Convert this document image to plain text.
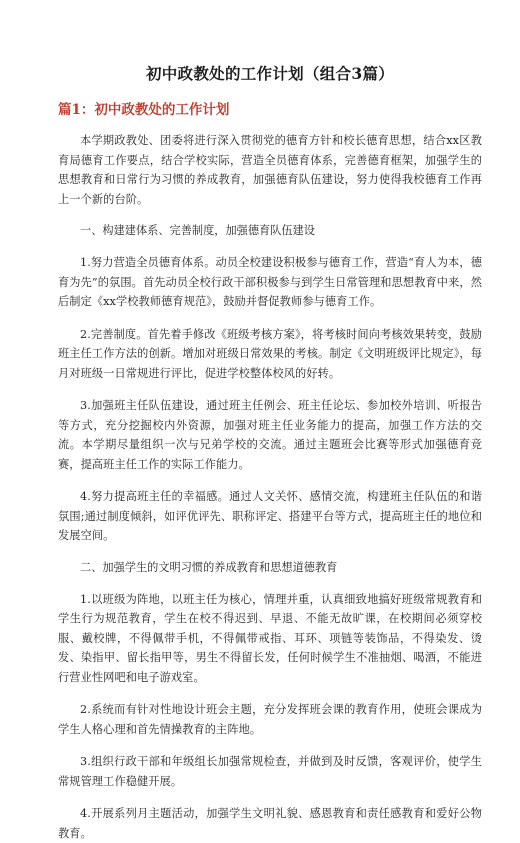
初中政教处的工作计划（组合3篇）
篇1：初中政教处的工作计划

本学期政教处、团委将进行深入贯彻党的德育方针和校长德育思想，结合xx区教育局德育工作要点，结合学校实际，营造全员德育体系，完善德育框架，加强学生的思想教育和日常行为习惯的养成教育，加强德育队伍建设，努力使得我校德育工作再上一个新的台阶。

一、构建建体系、完善制度，加强德育队伍建设

1.努力营造全员德育体系。动员全校建设积极参与德育工作，营造“育人为本，德育为先”的氛围。首先动员全校行政干部积极参与到学生日常管理和思想教育中来，然后制定《xx学校教师德育规范》，鼓励并督促教师参与德育工作。

2.完善制度。首先着手修改《班级考核方案》，将考核时间向考核效果转变，鼓励班主任工作方法的创新。增加对班级日常效果的考核。制定《文明班级评比规定》，每月对班级一日常规进行评比，促进学校整体校风的好转。

3.加强班主任队伍建设，通过班主任例会、班主任论坛、参加校外培训、听报告等方式，充分挖掘校内外资源，加强对班主任业务能力的提高，加强工作方法的交流。本学期尽量组织一次与兄弟学校的交流。通过主题班会比赛等形式加强德育竞赛，提高班主任工作的实际工作能力。

4.努力提高班主任的幸福感。通过人文关怀、感情交流，构建班主任队伍的和谐氛围;通过制度倾斜，如评优评先、职称评定、搭建平台等方式，提高班主任的地位和发展空间。

二、加强学生的文明习惯的养成教育和思想道德教育

1.以班级为阵地，以班主任为核心，情理并重，认真细致地搞好班级常规教育和学生行为规范教育，学生在校不得迟到、早退、不能无故旷课，在校期间必须穿校服、戴校牌，不得佩带手机，不得佩带戒指、耳环、项链等装饰品，不得染发、烫发、染指甲、留长指甲等，男生不得留长发，任何时候学生不准抽烟、喝酒，不能进行营业性网吧和电子游戏室。

2.系统而有针对性地设计班会主题，充分发挥班会课的教育作用，使班会课成为学生人格心理和首先情操教育的主阵地。

3.组织行政干部和年级组长加强常规检查，并做到及时反馈，客观评价，使学生常规管理工作稳健开展。

4.开展系列月主题活动，加强学生文明礼貌、感恩教育和责任感教育和爱好公物教育。
